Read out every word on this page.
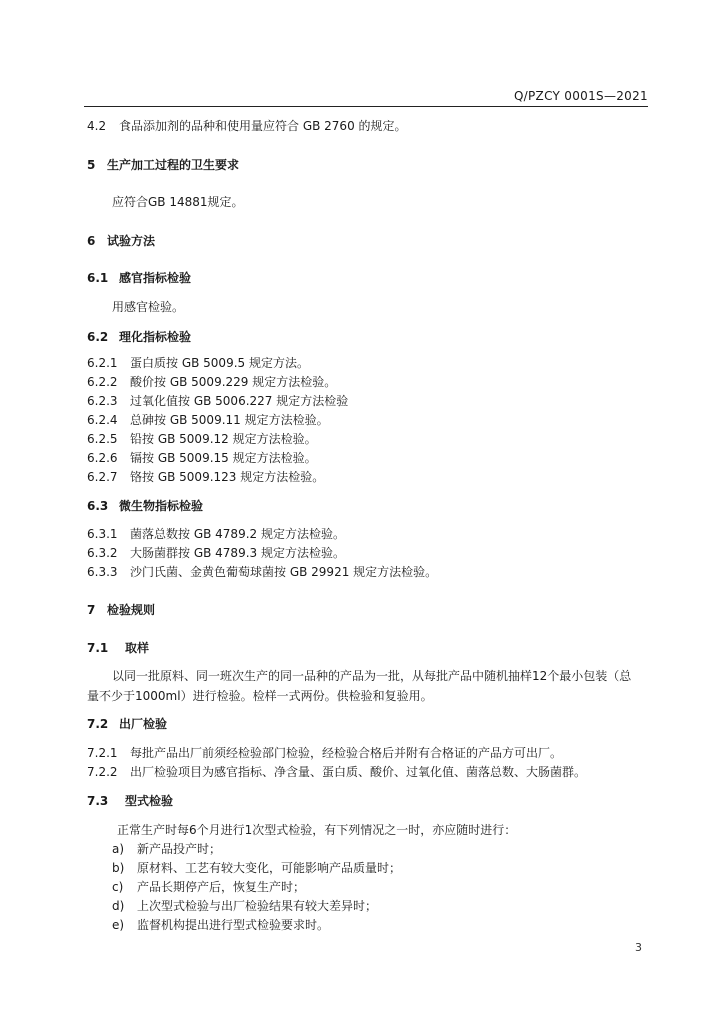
Q/PZCY 0001S—2021
4.2 食品添加剂的品种和使用量应符合 GB 2760 的规定。
5 生产加工过程的卫生要求
应符合GB 14881规定。
6 试验方法
6.1 感官指标检验
用感官检验。
6.2 理化指标检验
6.2.1 蛋白质按 GB 5009.5 规定方法。
6.2.2 酸价按 GB 5009.229 规定方法检验。
6.2.3 过氧化值按 GB 5006.227 规定方法检验
6.2.4 总砷按 GB 5009.11 规定方法检验。
6.2.5 铅按 GB 5009.12 规定方法检验。
6.2.6 镉按 GB 5009.15 规定方法检验。
6.2.7 铬按 GB 5009.123 规定方法检验。
6.3 微生物指标检验
6.3.1 菌落总数按 GB 4789.2 规定方法检验。
6.3.2 大肠菌群按 GB 4789.3 规定方法检验。
6.3.3 沙门氏菌、金黄色葡萄球菌按 GB 29921 规定方法检验。
7 检验规则
7.1 取样
以同一批原料、同一班次生产的同一品种的产品为一批，从每批产品中随机抽样12个最小包装（总
量不少于1000ml）进行检验。检样一式两份。供检验和复验用。
7.2 出厂检验
7.2.1 每批产品出厂前须经检验部门检验，经检验合格后并附有合格证的产品方可出厂。
7.2.2 出厂检验项目为感官指标、净含量、蛋白质、酸价、过氧化值、菌落总数、大肠菌群。
7.3 型式检验
正常生产时每6个月进行1次型式检验，有下列情况之一时，亦应随时进行：
a) 新产品投产时；
b) 原材料、工艺有较大变化，可能影响产品质量时；
c) 产品长期停产后，恢复生产时；
d) 上次型式检验与出厂检验结果有较大差异时；
e) 监督机构提出进行型式检验要求时。
3
